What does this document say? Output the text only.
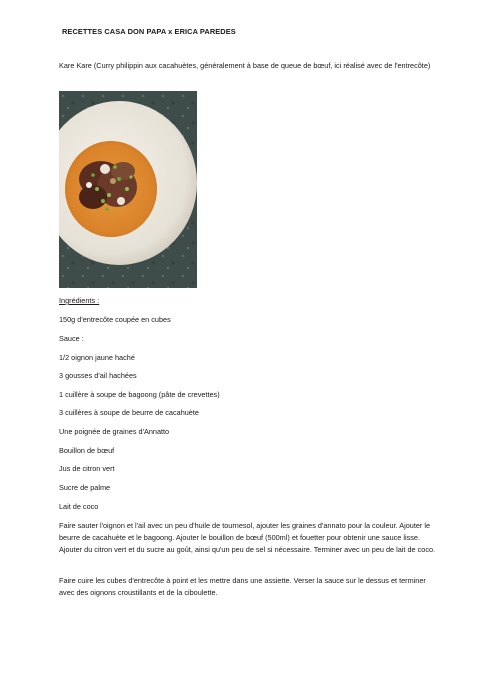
RECETTES CASA DON PAPA x ERICA PAREDES
Kare Kare (Curry philippin aux cacahuètes, généralement à base de queue de bœuf, ici réalisé avec de l'entrecôte)
Ingrédients :
150g d'entrecôte coupée en cubes
Sauce :
1/2 oignon jaune haché
3 gousses d'ail hachées
1 cuillère à soupe de bagoong (pâte de crevettes)
3 cuillères à soupe de beurre de cacahuète
Une poignée de graines d'Annatto
Bouillon de bœuf
Jus de citron vert
Sucre de palme
Lait de coco
Faire sauter l'oignon et l'ail avec un peu d'huile de tournesol, ajouter les graines d'annato pour la couleur. Ajouter le beurre de cacahuète et le bagoong. Ajouter le bouillon de bœuf (500ml) et fouetter pour obtenir une sauce lisse. Ajouter du citron vert et du sucre au goût, ainsi qu'un peu de sel si nécessaire. Terminer avec un peu de lait de coco.
Faire cuire les cubes d'entrecôte à point et les mettre dans une assiette. Verser la sauce sur le dessus et terminer avec des oignons croustillants et de la ciboulette.
